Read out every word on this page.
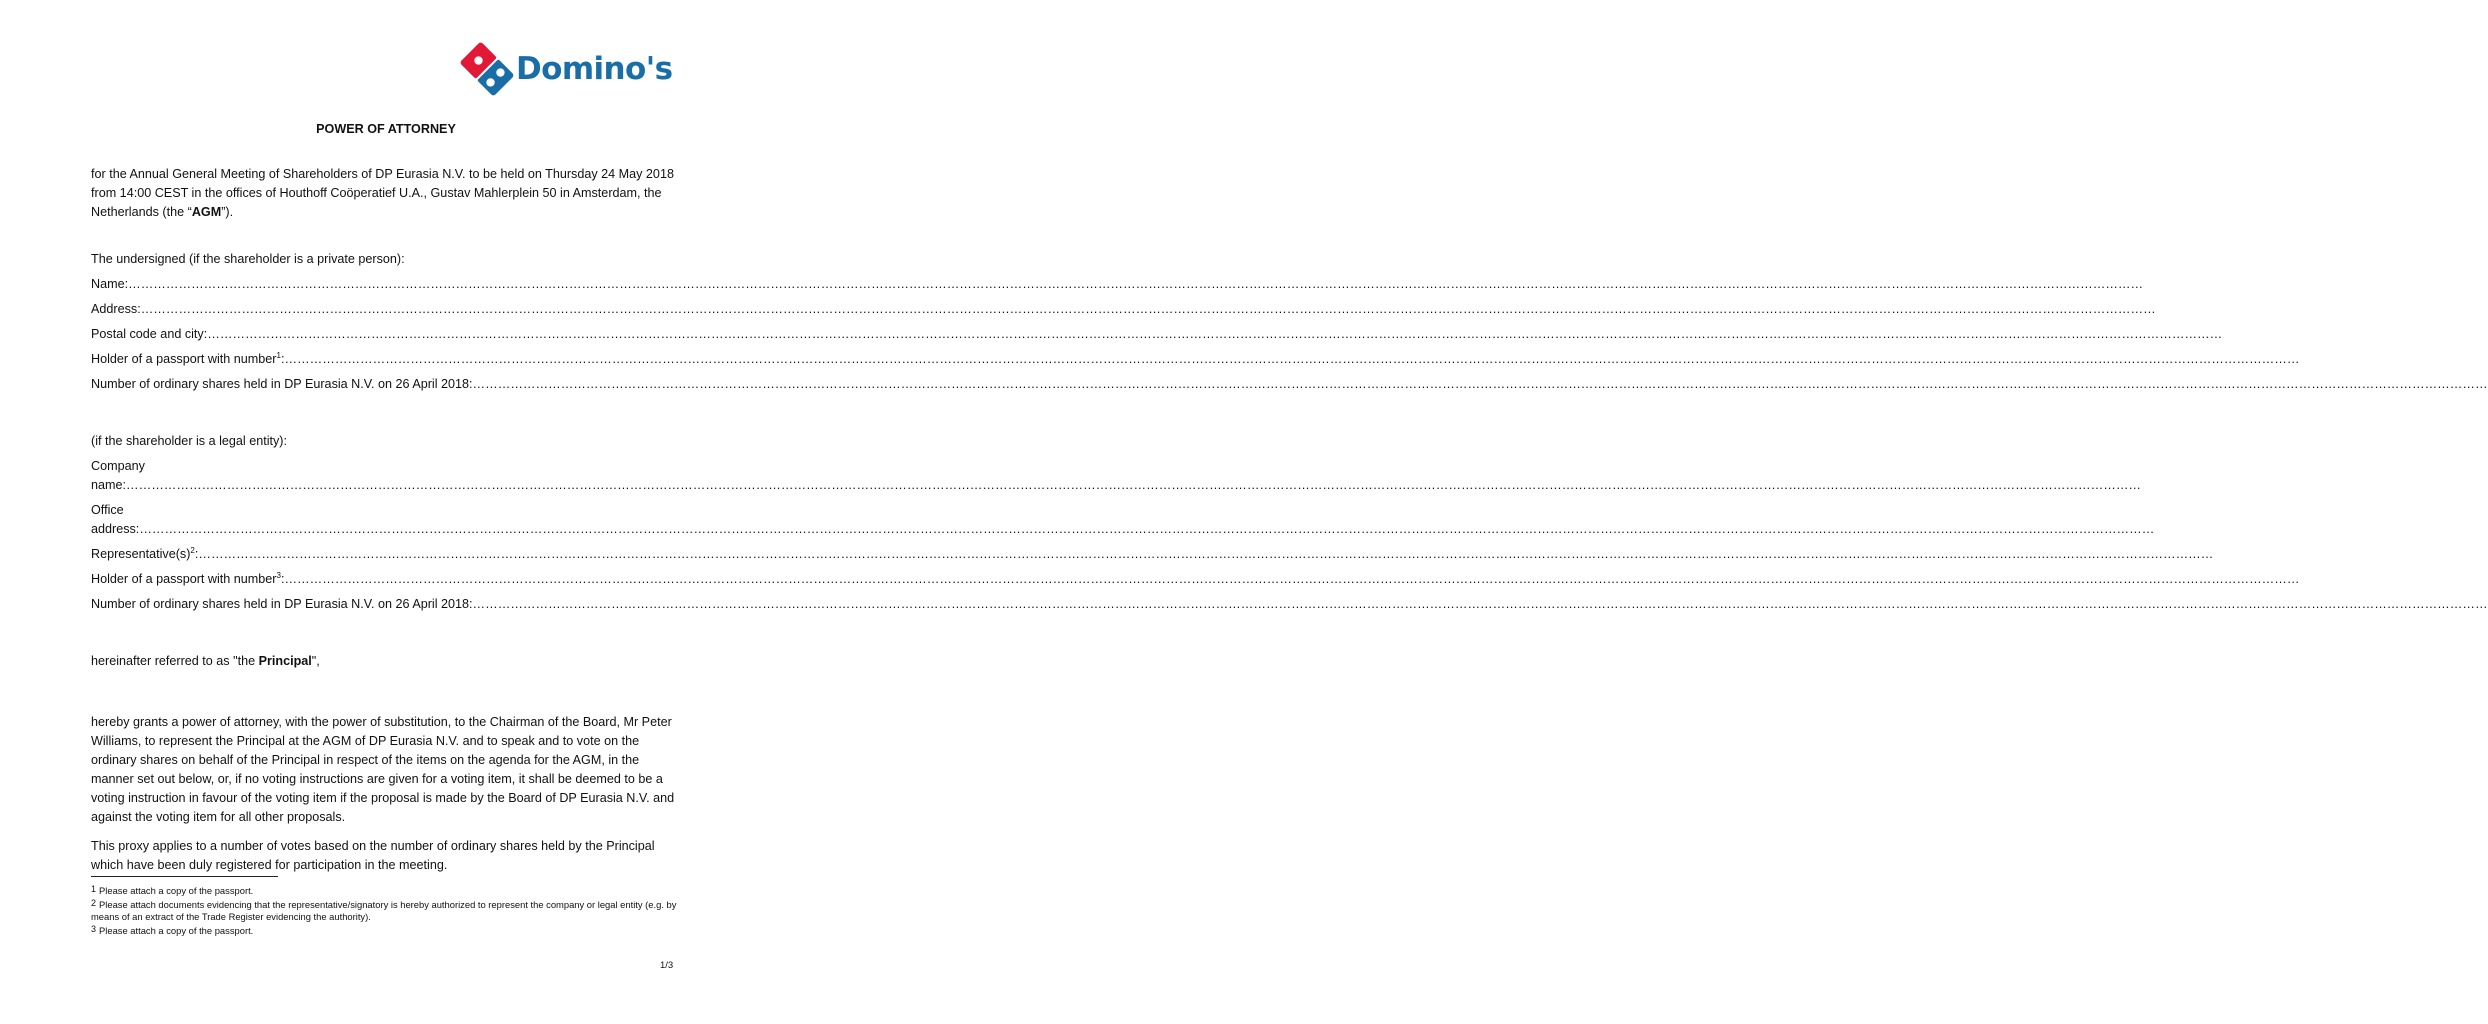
Domino's

POWER OF ATTORNEY

for the Annual General Meeting of Shareholders of DP Eurasia N.V. to be held on Thursday 24 May 2018 from 14:00 CEST in the offices of Houthoff Coöperatief U.A., Gustav Mahlerplein 50 in Amsterdam, the Netherlands (the “AGM”).

The undersigned (if the shareholder is a private person):

Name:…………………………………………………………………………………………………………………………………………………………………………………………………………………………………………………………………………………………………………………………………………………………………………………………………………………………………………
Address:…………………………………………………………………………………………………………………………………………………………………………………………………………………………………………………………………………………………………………………………………………………………………………………………………………………………………………
Postal code and city:…………………………………………………………………………………………………………………………………………………………………………………………………………………………………………………………………………………………………………………………………………………………………………………………………………………………………………
Holder of a passport with number$^1$:…………………………………………………………………………………………………………………………………………………………………………………………………………………………………………………………………………………………………………………………………………………………………………………………………………………………………………
Number of ordinary shares held in DP Eurasia N.V. on 26 April 2018:…………………………………………………………………………………………………………………………………………………………………………………………………………………………………………………………………………………………………………………………………………………………………………………………………………………………………………

(if the shareholder is a legal entity):

Company
name:…………………………………………………………………………………………………………………………………………………………………………………………………………………………………………………………………………………………………………………………………………………………………………………………………………………………………………
Office
address:…………………………………………………………………………………………………………………………………………………………………………………………………………………………………………………………………………………………………………………………………………………………………………………………………………………………………………
$Representative(s)^2:\dots\dots\dots\dots\dots\dots\dots\dots\dots\dots\dots\dots\dots\dots\dots\dots\dots\dots\dots\dots\dots\dots\dots\dots\dots\dots\dots\dots\dots\dots\dots\dots\dots\dots\dots\dots\dots\dots\dots\dots\dots\dots\dots\dots\dots\dots\dots\dots\dots\dots\dots\dots\dots\dots\dots\dots\dots\dots\dots\dots\dots\dots\dots\dots\dots\dots\dots\dots\dots\dots\dots\dots\dots\dots\dots\dots\dots\dots\dots\dots\dots\dots\dots\dots\dots\dots\dots\dots\dots\dots\dots\dots\dots\dots\dots\dots\dots\dots\dots\dots\dots$……………………………………………………………………………………………………………………………………………………………
Holder of a passport with number$^3$:…………………………………………………………………………………………………………………………………………………………………………………………………………………………………………………………………………………………………………………………………………………………………………………………………………………………………………
Number of ordinary shares held in DP Eurasia N.V. on 26 April 2018:…………………………………………………………………………………………………………………………………………………………………………………………………………………………………………………………………………………………………………………………………………………………………………………………………………………………………………

hereinafter referred to as "the Principal",

hereby grants a power of attorney, with the power of substitution, to the Chairman of the Board, Mr Peter Williams, to represent the Principal at the AGM of DP Eurasia N.V. and to speak and to vote on the ordinary shares on behalf of the Principal in respect of the items on the agenda for the AGM, in the manner set out below, or, if no voting instructions are given for a voting item, it shall be deemed to be a voting instruction in favour of the voting item if the proposal is made by the Board of DP Eurasia N.V. and against the voting item for all other proposals.

This proxy applies to a number of votes based on the number of ordinary shares held by the Principal which have been duly registered for participation in the meeting.

$^1$ Please attach a copy of the passport.
$^2$ Please attach documents evidencing that the representative/signatory is hereby authorized to represent the company or legal entity (e.g. by means of an extract of the Trade Register evidencing the authority).
$^3$ Please attach a copy of the passport.
1/3
